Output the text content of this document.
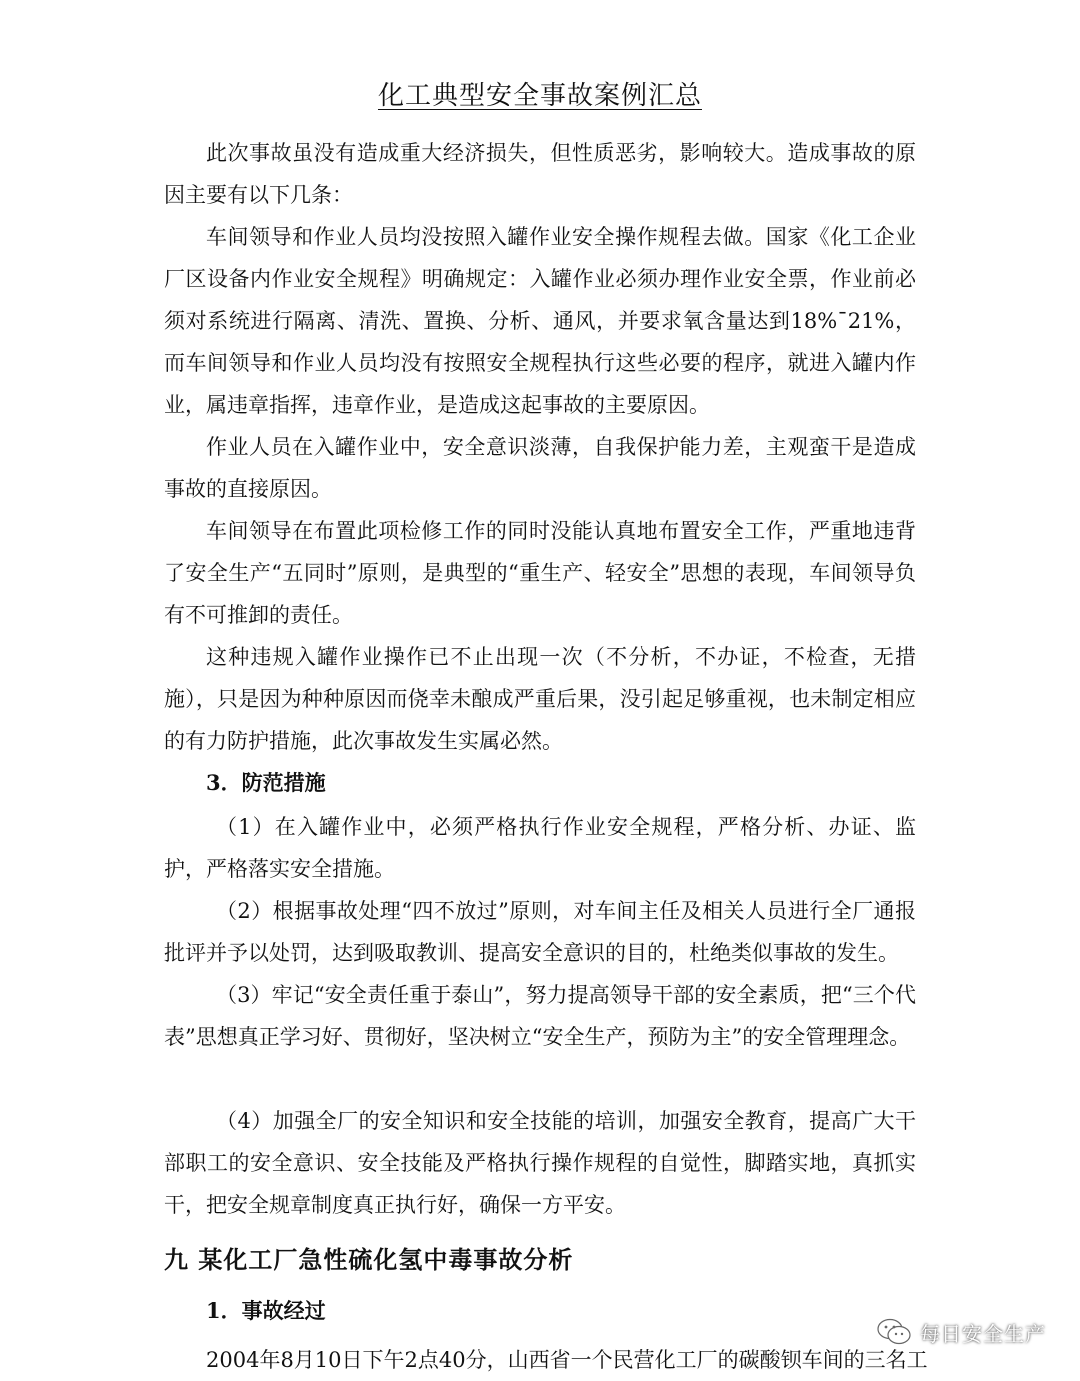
化工典型安全事故案例汇总

此次事故虽没有造成重大经济损失，但性质恶劣，影响较大。造成事故的原因主要有以下几条：

车间领导和作业人员均没按照入罐作业安全操作规程去做。国家《化工企业厂区设备内作业安全规程》明确规定：入罐作业必须办理作业安全票，作业前必须对系统进行隔离、清洗、置换、分析、通风，并要求氧含量达到18%¯21%，而车间领导和作业人员均没有按照安全规程执行这些必要的程序，就进入罐内作业，属违章指挥，违章作业，是造成这起事故的主要原因。

作业人员在入罐作业中，安全意识淡薄，自我保护能力差，主观蛮干是造成事故的直接原因。

车间领导在布置此项检修工作的同时没能认真地布置安全工作，严重地违背了安全生产“五同时”原则，是典型的“重生产、轻安全”思想的表现，车间领导负有不可推卸的责任。

这种违规入罐作业操作已不止出现一次（不分析，不办证，不检查，无措施），只是因为种种原因而侥幸未酿成严重后果，没引起足够重视，也未制定相应的有力防护措施，此次事故发生实属必然。

3．防范措施

（1）在入罐作业中，必须严格执行作业安全规程，严格分析、办证、监护，严格落实安全措施。

（2）根据事故处理“四不放过”原则，对车间主任及相关人员进行全厂通报批评并予以处罚，达到吸取教训、提高安全意识的目的，杜绝类似事故的发生。

（3）牢记“安全责任重于泰山”，努力提高领导干部的安全素质，把“三个代表”思想真正学习好、贯彻好，坚决树立“安全生产，预防为主”的安全管理理念。

（4）加强全厂的安全知识和安全技能的培训，加强安全教育，提高广大干部职工的安全意识、安全技能及严格执行操作规程的自觉性，脚踏实地，真抓实干，把安全规章制度真正执行好，确保一方平安。

九 某化工厂急性硫化氢中毒事故分析
1．事故经过
2004年8月10日下午2点40分，山西省一个民营化工厂的碳酸钡车间的三名工
每日安全生产
